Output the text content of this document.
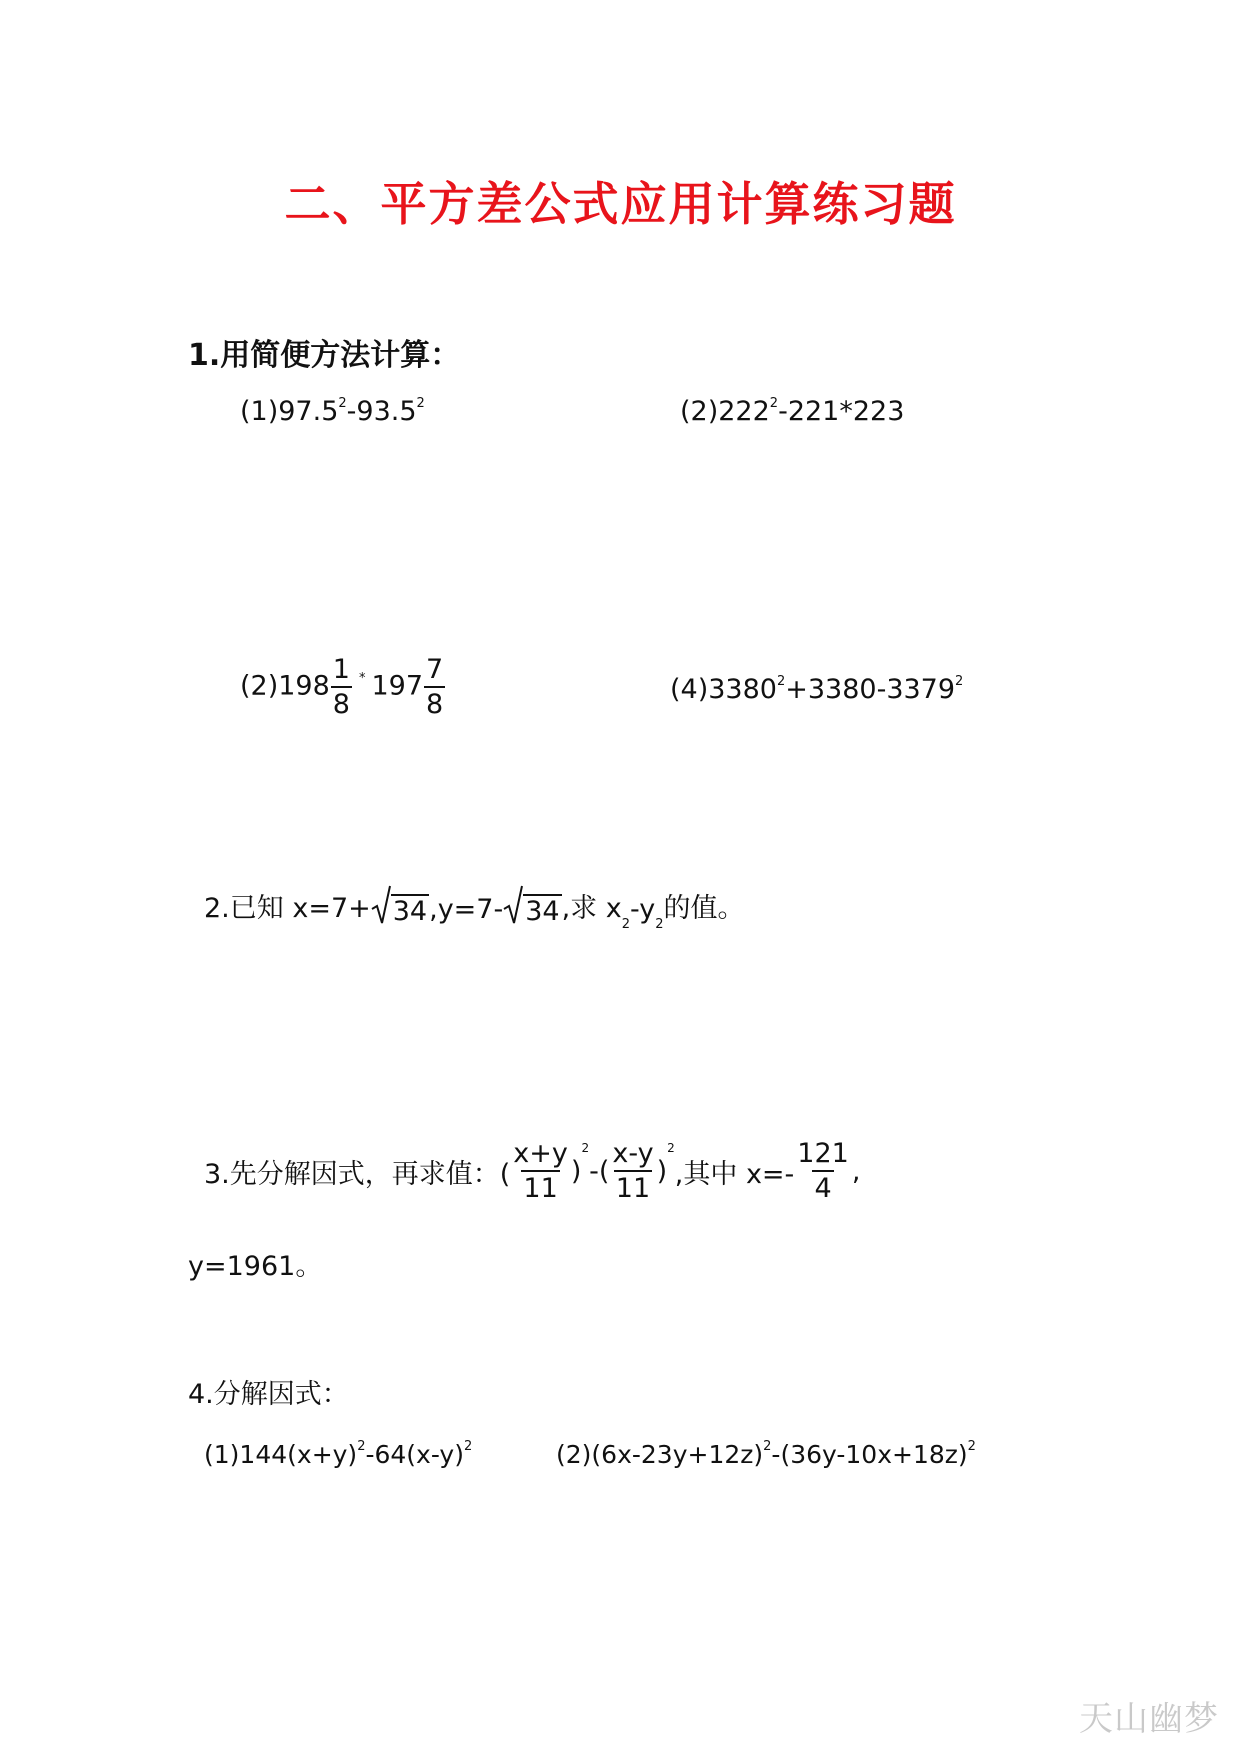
二、平方差公式应用计算练习题
1.用简便方法计算：
(1)97.5$^2$-93.5$^2$	$(2)222^2-221*223$
$(2)198 \frac{1}{8} ^*$ $197 \frac{7}{8}$	$(4)3380^2+3380-3379^2$
2.已知 x=7+ 34 ,y=7- 34 ,求 x
2 -y 2
的值。
3.先分解因式，再求值：( $\frac{x+y}{11}$ )
2
-( $\frac{x-y}{11}$ )
2
,其中 $x=- \frac{121}{4}$ ,
y=1961。
4.分解因式：
$(1)144(x+y)^2-64(x-y)^2$	$(2)(6x-23y+12z)^2-(36y-10x+18z)^2$
天山幽梦
